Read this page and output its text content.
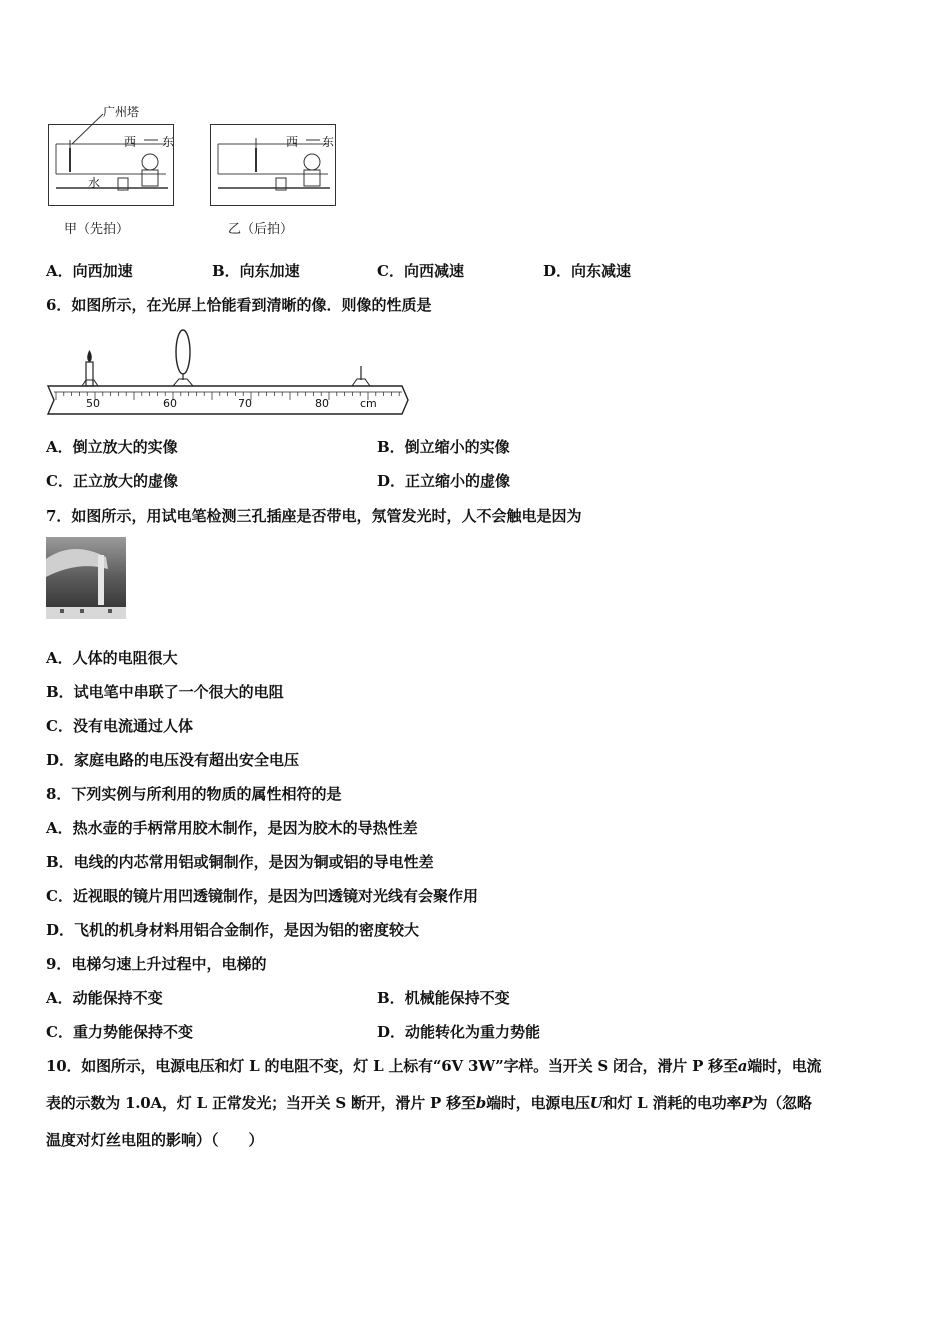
广州塔
西 东
水
甲（先拍）
西 东
乙（后拍）
A．向西加速	B．向东加速	C．向西减速	D．向东减速
6．如图所示，在光屏上恰能看到清晰的像．则像的性质是
50	60	70	80	cm
A．倒立放大的实像	B．倒立缩小的实像
C．正立放大的虚像	D．正立缩小的虚像
7．如图所示，用试电笔检测三孔插座是否带电，氖管发光时，人不会触电是因为
A．人体的电阻很大
B．试电笔中串联了一个很大的电阻
C．没有电流通过人体
D．家庭电路的电压没有超出安全电压
8．下列实例与所利用的物质的属性相符的是
A．热水壶的手柄常用胶木制作，是因为胶木的导热性差
B．电线的内芯常用铝或铜制作，是因为铜或铝的导电性差
C．近视眼的镜片用凹透镜制作，是因为凹透镜对光线有会聚作用
D．飞机的机身材料用铝合金制作，是因为铝的密度较大
9．电梯匀速上升过程中，电梯的
A．动能保持不变	B．机械能保持不变
C．重力势能保持不变	D．动能转化为重力势能
10．如图所示，电源电压和灯 L 的电阻不变，灯 L 上标有“6V 3W”字样。当开关 S 闭合，滑片 P 移至a端时，电流
表的示数为 1.0A，灯 L 正常发光；当开关 S 断开，滑片 P 移至b端时，电源电压U和灯 L 消耗的电功率P为（忽略
温度对灯丝电阻的影响）（　　）
